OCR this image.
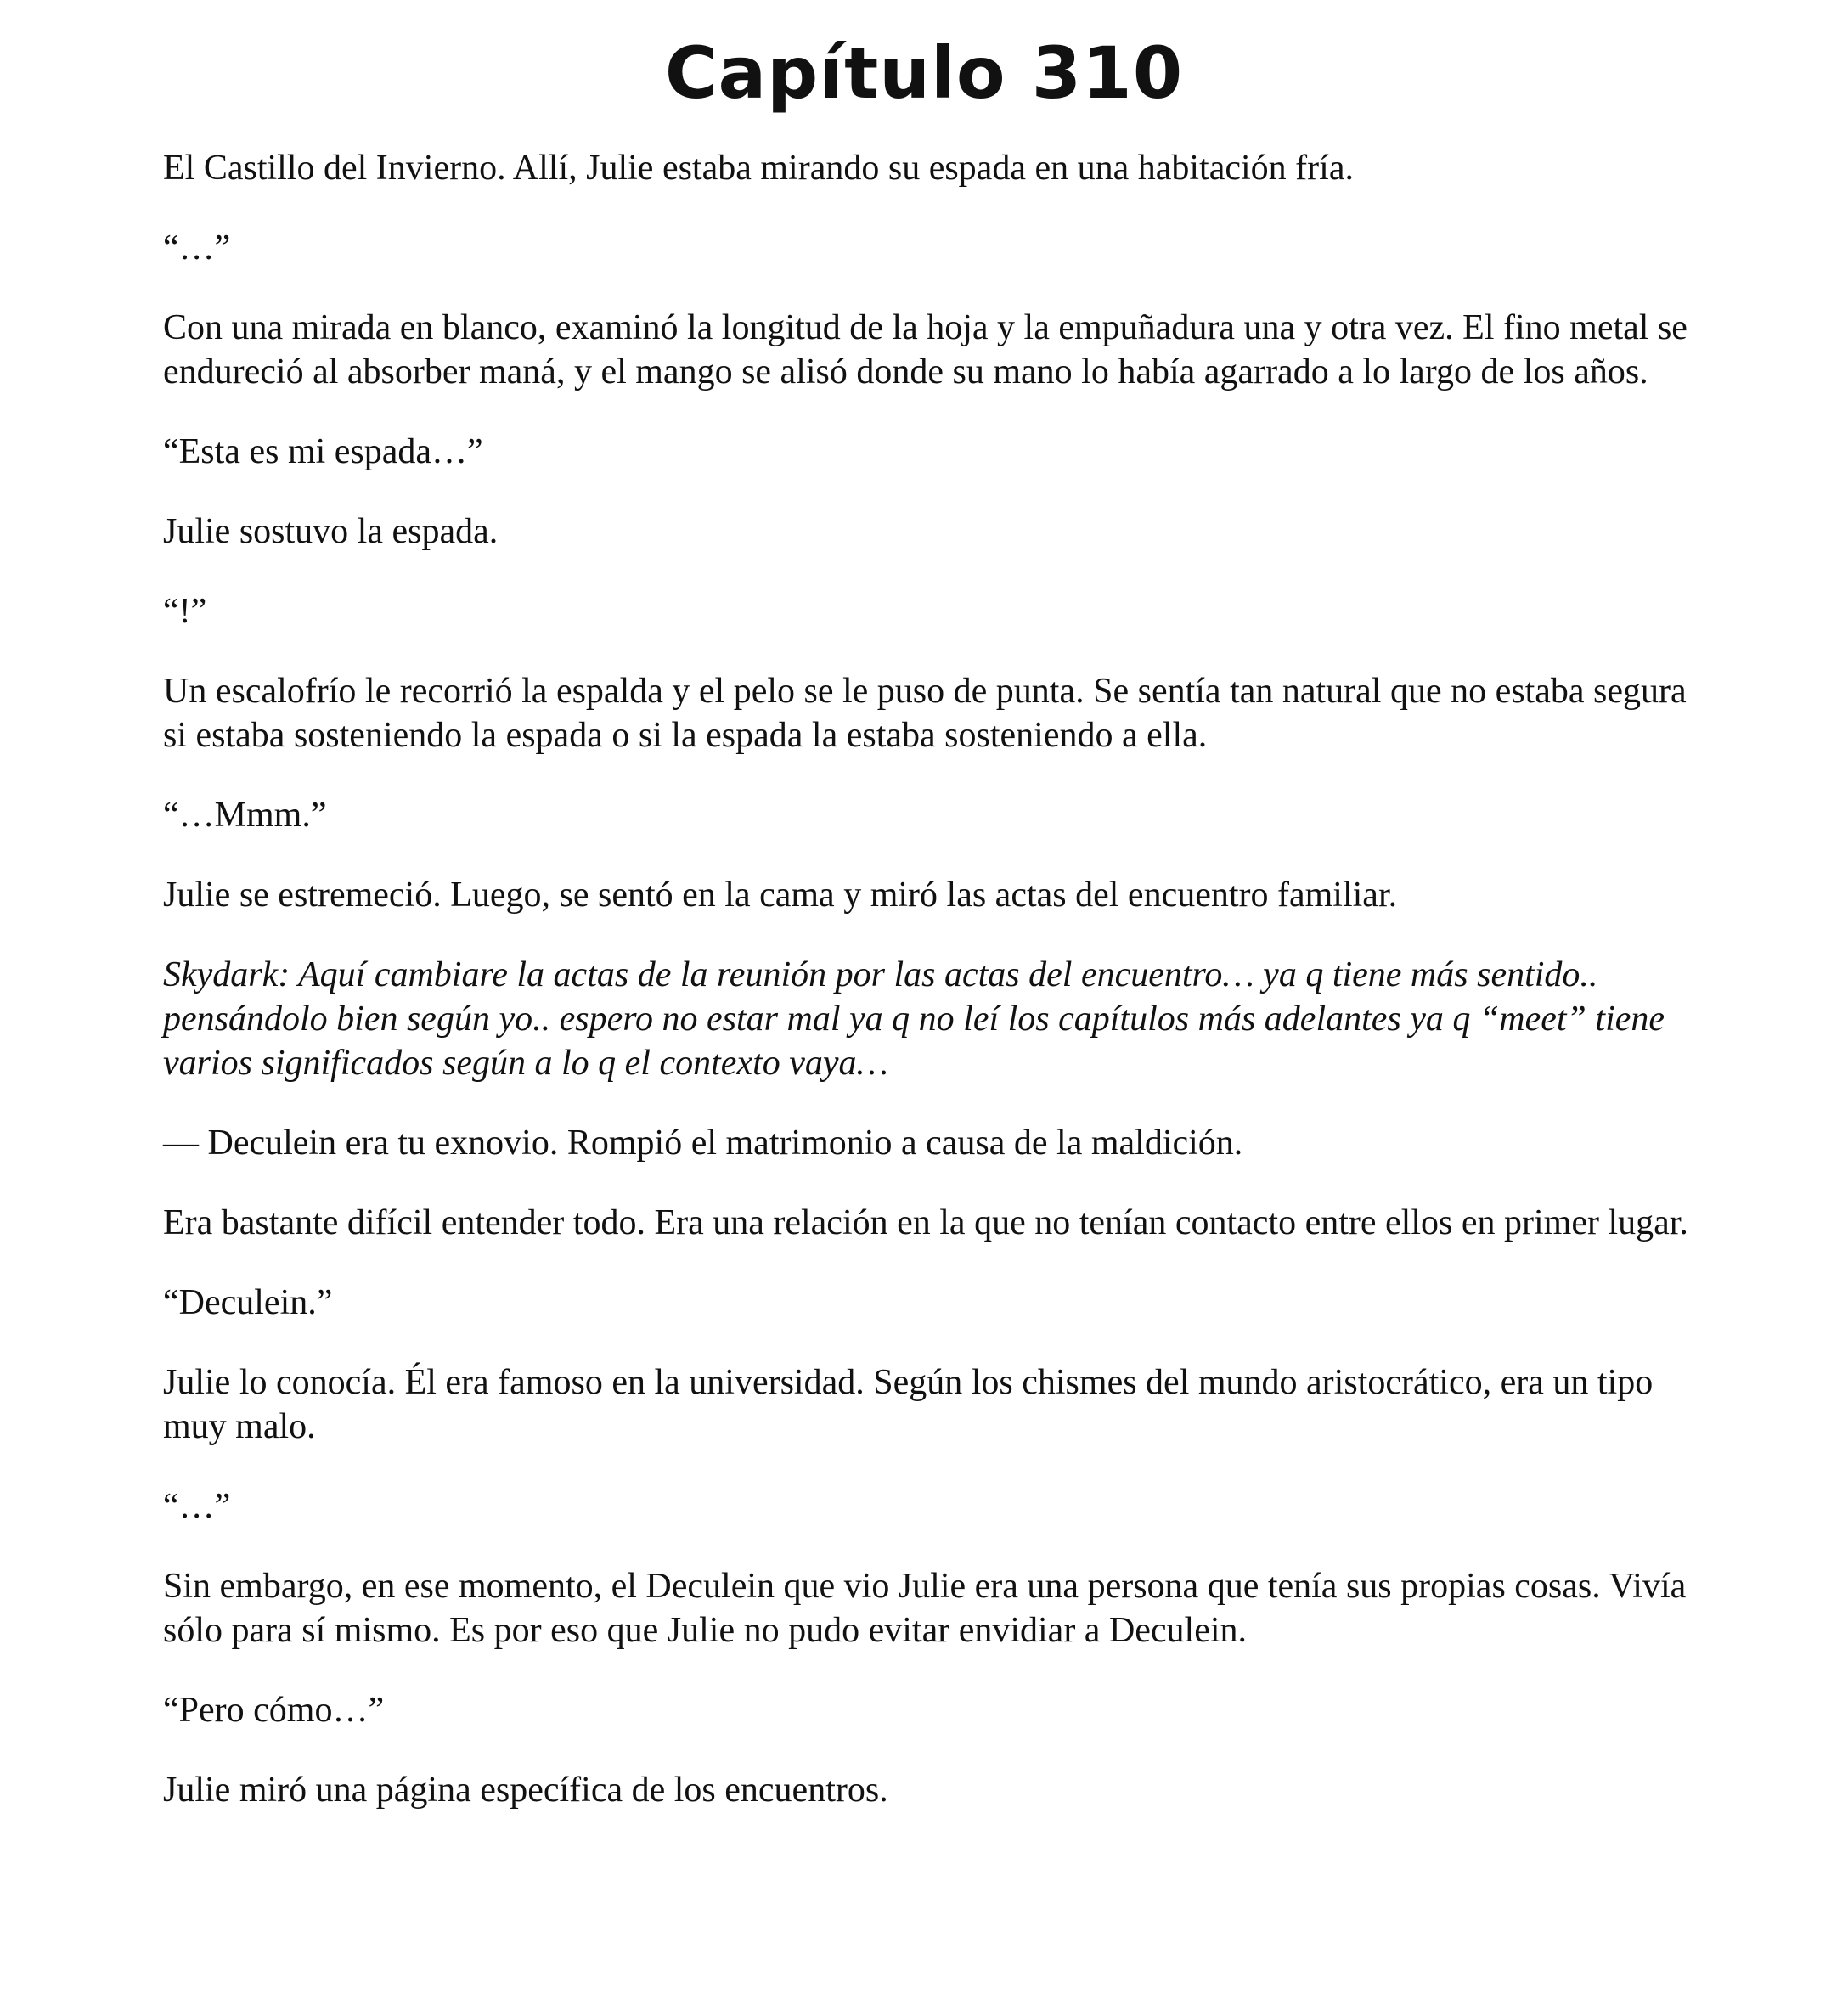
Capítulo 310

El Castillo del Invierno. Allí, Julie estaba mirando su espada en una habitación fría.

“…”

Con una mirada en blanco, examinó la longitud de la hoja y la empuñadura una y otra vez. El fino metal se endureció al absorber maná, y el mango se alisó donde su mano lo había agarrado a lo largo de los años.

“Esta es mi espada…”

Julie sostuvo la espada.

“!”

Un escalofrío le recorrió la espalda y el pelo se le puso de punta. Se sentía tan natural que no estaba segura si estaba sosteniendo la espada o si la espada la estaba sosteniendo a ella.

“…Mmm.”

Julie se estremeció. Luego, se sentó en la cama y miró las actas del encuentro familiar.

Skydark: Aquí cambiare la actas de la reunión por las actas del encuentro… ya q tiene más sentido.. pensándolo bien según yo.. espero no estar mal ya q no leí los capítulos más adelantes ya q “meet” tiene varios significados según a lo q el contexto vaya…

— Deculein era tu exnovio. Rompió el matrimonio a causa de la maldición.

Era bastante difícil entender todo. Era una relación en la que no tenían contacto entre ellos en primer lugar.

“Deculein.”

Julie lo conocía. Él era famoso en la universidad. Según los chismes del mundo aristocrático, era un tipo muy malo.

“…”

Sin embargo, en ese momento, el Deculein que vio Julie era una persona que tenía sus propias cosas. Vivía sólo para sí mismo. Es por eso que Julie no pudo evitar envidiar a Deculein.

“Pero cómo…”

Julie miró una página específica de los encuentros.
